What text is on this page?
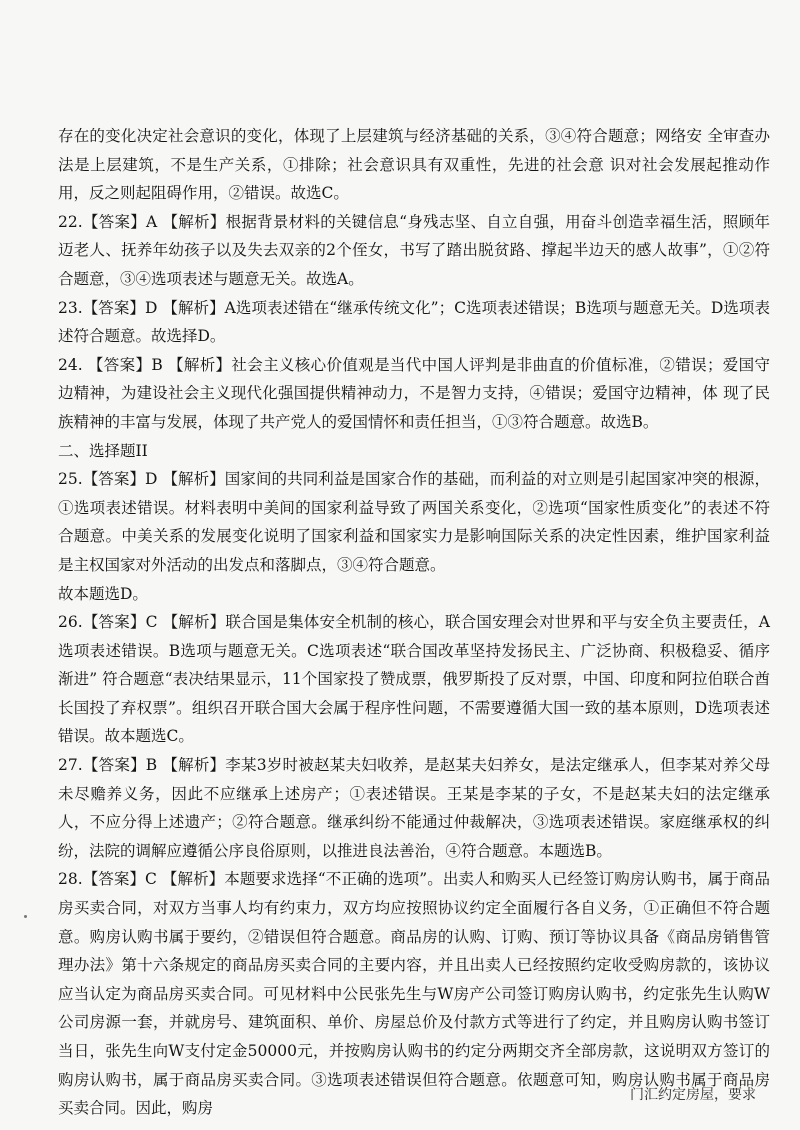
存在的变化决定社会意识的变化，体现了上层建筑与经济基础的关系，③④符合题意；网络安 全审查办法是上层建筑，不是生产关系，①排除；社会意识具有双重性，先进的社会意 识对社会发展起推动作用，反之则起阻碍作用，②错误。故选C。

22.【答案】A 【解析】根据背景材料的关键信息“身残志坚、自立自强，用奋斗创造幸福生活，照顾年迈老人、抚养年幼孩子以及失去双亲的2个侄女，书写了踏出脱贫路、撑起半边天的感人故事”，①②符合题意，③④选项表述与题意无关。故选A。

23.【答案】D 【解析】A选项表述错在“继承传统文化”；C选项表述错误；B选项与题意无关。D选项表述符合题意。故选择D。

24. 【答案】B 【解析】社会主义核心价值观是当代中国人评判是非曲直的价值标准，②错误；爱国守边精神，为建设社会主义现代化强国提供精神动力，不是智力支持，④错误；爱国守边精神，体 现了民族精神的丰富与发展，体现了共产党人的爱国情怀和责任担当，①③符合题意。故选B。

二、选择题II

25.【答案】D 【解析】国家间的共同利益是国家合作的基础，而利益的对立则是引起国家冲突的根源，①选项表述错误。材料表明中美间的国家利益导致了两国关系变化，②选项“国家性质变化”的表述不符合题意。中美关系的发展变化说明了国家利益和国家实力是影响国际关系的决定性因素，维护国家利益是主权国家对外活动的出发点和落脚点，③④符合题意。

故本题选D。

26.【答案】C 【解析】联合国是集体安全机制的核心，联合国安理会对世界和平与安全负主要责任，A选项表述错误。B选项与题意无关。C选项表述“联合国改革坚持发扬民主、广泛协商、积极稳妥、循序渐进” 符合题意“表决结果显示，11个国家投了赞成票，俄罗斯投了反对票，中国、印度和阿拉伯联合酋长国投了弃权票”。组织召开联合国大会属于程序性问题，不需要遵循大国一致的基本原则，D选项表述错误。故本题选C。

27.【答案】B 【解析】李某3岁时被赵某夫妇收养，是赵某夫妇养女，是法定继承人，但李某对养父母未尽赡养义务，因此不应继承上述房产；①表述错误。王某是李某的子女，不是赵某夫妇的法定继承人，不应分得上述遗产；②符合题意。继承纠纷不能通过仲裁解决，③选项表述错误。家庭继承权的纠纷，法院的调解应遵循公序良俗原则，以推进良法善治，④符合题意。本题选B。

28.【答案】C 【解析】本题要求选择“不正确的选项”。出卖人和购买人已经签订购房认购书，属于商品房买卖合同，对双方当事人均有约束力，双方均应按照协议约定全面履行各自义务，①正确但不符合题意。购房认购书属于要约，②错误但符合题意。商品房的认购、订购、预订等协议具备《商品房销售管理办法》第十六条规定的商品房买卖合同的主要内容，并且出卖人已经按照约定收受购房款的，该协议应当认定为商品房买卖合同。可见材料中公民张先生与W房产公司签订购房认购书，约定张先生认购W公司房源一套，并就房号、建筑面积、单价、房屋总价及付款方式等进行了约定，并且购房认购书签订当日，张先生向W支付定金50000元，并按购房认购书的约定分两期交齐全部房款，这说明双方签订的购房认购书，属于商品房买卖合同。③选项表述错误但符合题意。依题意可知，购房认购书属于商品房买卖合同。因此，购房

门汇约定房屋，要求
